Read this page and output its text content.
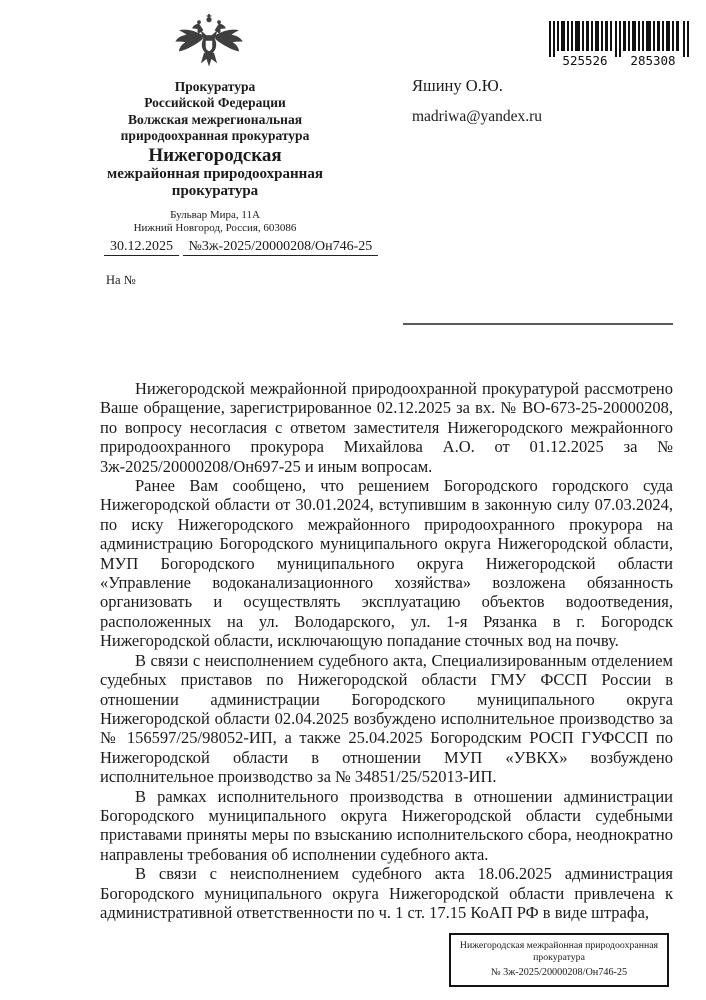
Прокуратура
Российской Федерации
Волжская межрегиональная
природоохранная прокуратура
Нижегородская
межрайонная природоохранная
прокуратура
Бульвар Мира, 11А
Нижний Новгород, Россия, 603086
30.12.2025 №3ж-2025/20000208/Он746-25
На №
525526 285308
Яшину О.Ю.
madriwa@yandex.ru

Нижегородской межрайонной природоохранной прокуратурой рассмотрено Ваше обращение, зарегистрированное 02.12.2025 за вх. № ВО-673-25-20000208, по вопросу несогласия с ответом заместителя Нижегородского межрайонного природоохранного прокурора Михайлова А.О. от 01.12.2025 за № 3ж-2025/20000208/Он697-25 и иным вопросам.

Ранее Вам сообщено, что решением Богородского городского суда Нижегородской области от 30.01.2024, вступившим в законную силу 07.03.2024, по иску Нижегородского межрайонного природоохранного прокурора на администрацию Богородского муниципального округа Нижегородской области, МУП Богородского муниципального округа Нижегородской области «Управление водоканализационного хозяйства» возложена обязанность организовать и осуществлять эксплуатацию объектов водоотведения, расположенных на ул. Володарского, ул. 1-я Рязанка в г. Богородск Нижегородской области, исключающую попадание сточных вод на почву.

В связи с неисполнением судебного акта, Специализированным отделением судебных приставов по Нижегородской области ГМУ ФССП России в отношении администрации Богородского муниципального округа Нижегородской области 02.04.2025 возбуждено исполнительное производство за № 156597/25/98052-ИП, а также 25.04.2025 Богородским РОСП ГУФССП по Нижегородской области в отношении МУП «УВКХ» возбуждено исполнительное производство за № 34851/25/52013-ИП.

В рамках исполнительного производства в отношении администрации Богородского муниципального округа Нижегородской области судебными приставами приняты меры по взысканию исполнительского сбора, неоднократно направлены требования об исполнении судебного акта.

В связи с неисполнением судебного акта 18.06.2025 администрация Богородского муниципального округа Нижегородской области привлечена к административной ответственности по ч. 1 ст. 17.15 КоАП РФ в виде штрафа,

Нижегородская межрайонная природоохранная
прокуратура
№ 3ж-2025/20000208/Он746-25
